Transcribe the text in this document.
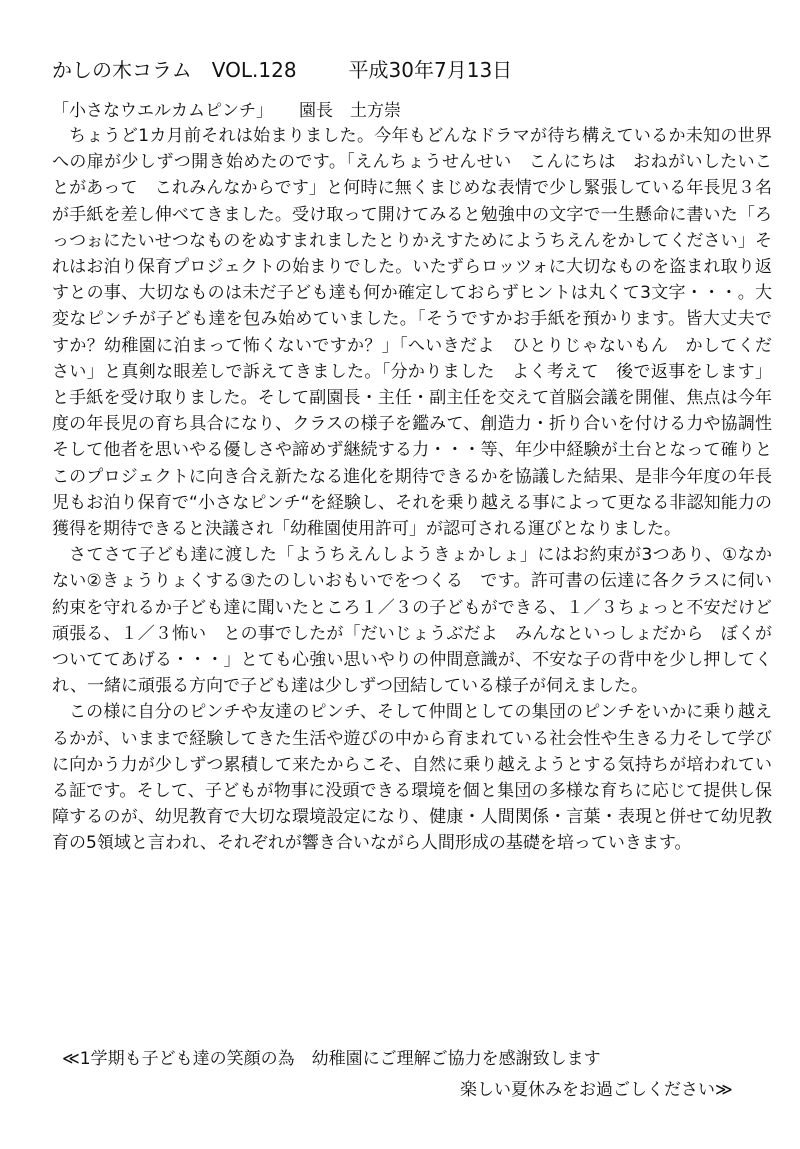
かしの木コラム　VOL.128	平成30年7月13日
「小さなウエルカムピンチ」 園長　土方崇

ちょうど1カ月前それは始まりました。今年もどんなドラマが待ち構えているか未知の世界への扉が少しずつ開き始めたのです。「えんちょうせんせい　こんにちは　おねがいしたいことがあって　これみんなからです」と何時に無くまじめな表情で少し緊張している年長児３名が手紙を差し伸べてきました。受け取って開けてみると勉強中の文字で一生懸命に書いた「ろっつぉにたいせつなものをぬすまれましたとりかえすためにようちえんをかしてください」それはお泊り保育プロジェクトの始まりでした。いたずらロッツォに大切なものを盗まれ取り返すとの事、大切なものは未だ子ども達も何か確定しておらずヒントは丸くて3文字・・・。大変なピンチが子ども達を包み始めていました。「そうですかお手紙を預かります。皆大丈夫ですか？幼稚園に泊まって怖くないですか？」「へいきだよ　ひとりじゃないもん　かしてください」と真剣な眼差しで訴えてきました。「分かりました　よく考えて　後で返事をします」と手紙を受け取りました。そして副園長・主任・副主任を交えて首脳会議を開催、焦点は今年度の年長児の育ち具合になり、クラスの様子を鑑みて、創造力・折り合いを付ける力や協調性そして他者を思いやる優しさや諦めず継続する力・・・等、年少中経験が土台となって確りとこのプロジェクトに向き合え新たなる進化を期待できるかを協議した結果、是非今年度の年長児もお泊り保育で“小さなピンチ“を経験し、それを乗り越える事によって更なる非認知能力の獲得を期待できると決議され「幼稚園使用許可」が認可される運びとなりました。

さてさて子ども達に渡した「ようちえんしようきょかしょ」にはお約束が3つあり、①なかない②きょうりょくする③たのしいおもいでをつくる　です。許可書の伝達に各クラスに伺い約束を守れるか子ども達に聞いたところ１／３の子どもができる、１／３ちょっと不安だけど頑張る、１／３怖い　との事でしたが「だいじょうぶだよ　みんなといっしょだから　ぼくがついててあげる・・・」とても心強い思いやりの仲間意識が、不安な子の背中を少し押してくれ、一緒に頑張る方向で子ども達は少しずつ団結している様子が伺えました。

この様に自分のピンチや友達のピンチ、そして仲間としての集団のピンチをいかに乗り越えるかが、いままで経験してきた生活や遊びの中から育まれている社会性や生きる力そして学びに向かう力が少しずつ累積して来たからこそ、自然に乗り越えようとする気持ちが培われている証です。そして、子どもが物事に没頭できる環境を個と集団の多様な育ちに応じて提供し保障するのが、幼児教育で大切な環境設定になり、健康・人間関係・言葉・表現と併せて幼児教育の5領域と言われ、それぞれが響き合いながら人間形成の基礎を培っていきます。

≪1学期も子ども達の笑顔の為　幼稚園にご理解ご協力を感謝致します
楽しい夏休みをお過ごしください≫
